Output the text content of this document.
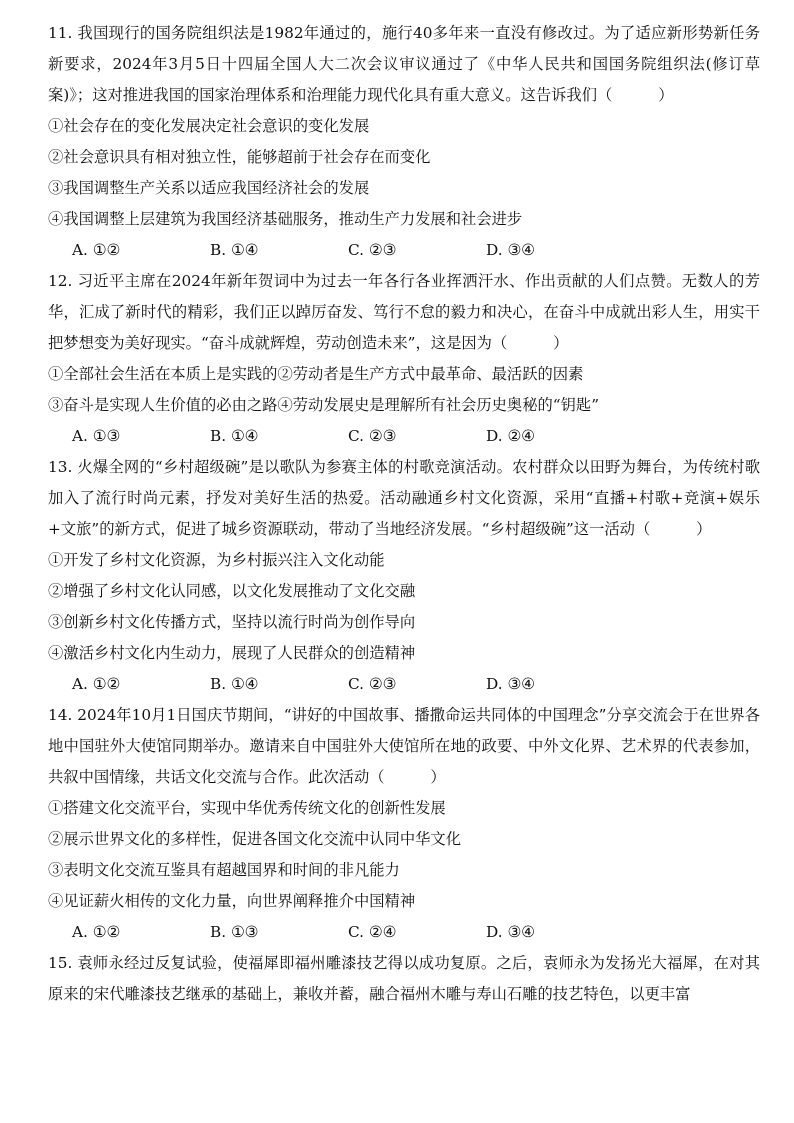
11. 我国现行的国务院组织法是1982年通过的，施行40多年来一直没有修改过。为了适应新形势新任务新要求，2024年3月5日十四届全国人大二次会议审议通过了《中华人民共和国国务院组织法(修订草案)》；这对推进我国的国家治理体系和治理能力现代化具有重大意义。这告诉我们（　　　）

①社会存在的变化发展决定社会意识的变化发展

②社会意识具有相对独立性，能够超前于社会存在而变化

③我国调整生产关系以适应我国经济社会的发展

④我国调整上层建筑为我国经济基础服务，推动生产力发展和社会进步

A. ①②	B. ①④	C. ②③	D. ③④

12. 习近平主席在2024年新年贺词中为过去一年各行各业挥洒汗水、作出贡献的人们点赞。无数人的芳华，汇成了新时代的精彩，我们正以踔厉奋发、笃行不怠的毅力和决心，在奋斗中成就出彩人生，用实干把梦想变为美好现实。“奋斗成就辉煌，劳动创造未来”，这是因为（　　　）

①全部社会生活在本质上是实践的②劳动者是生产方式中最革命、最活跃的因素

③奋斗是实现人生价值的必由之路④劳动发展史是理解所有社会历史奥秘的“钥匙”

A. ①③	B. ①④	C. ②③	D. ②④

13. 火爆全网的“乡村超级碗”是以歌队为参赛主体的村歌竞演活动。农村群众以田野为舞台，为传统村歌加入了流行时尚元素，抒发对美好生活的热爱。活动融通乡村文化资源，采用“直播+村歌+竞演+娱乐+文旅”的新方式，促进了城乡资源联动，带动了当地经济发展。“乡村超级碗”这一活动（　　　）

①开发了乡村文化资源，为乡村振兴注入文化动能

②增强了乡村文化认同感，以文化发展推动了文化交融

③创新乡村文化传播方式，坚持以流行时尚为创作导向

④激活乡村文化内生动力，展现了人民群众的创造精神

A. ①②	B. ①④	C. ②③	D. ③④

14. 2024年10月1日国庆节期间，“讲好的中国故事、播撒命运共同体的中国理念”分享交流会于在世界各地中国驻外大使馆同期举办。邀请来自中国驻外大使馆所在地的政要、中外文化界、艺术界的代表参加，共叙中国情缘，共话文化交流与合作。此次活动（　　　）

①搭建文化交流平台，实现中华优秀传统文化的创新性发展

②展示世界文化的多样性，促进各国文化交流中认同中华文化

③表明文化交流互鉴具有超越国界和时间的非凡能力

④见证薪火相传的文化力量，向世界阐释推介中国精神

A. ①②	B. ①③	C. ②④	D. ③④

15. 袁师永经过反复试验，使福犀即福州雕漆技艺得以成功复原。之后，袁师永为发扬光大福犀，在对其原来的宋代雕漆技艺继承的基础上，兼收并蓄，融合福州木雕与寿山石雕的技艺特色，以更丰富
